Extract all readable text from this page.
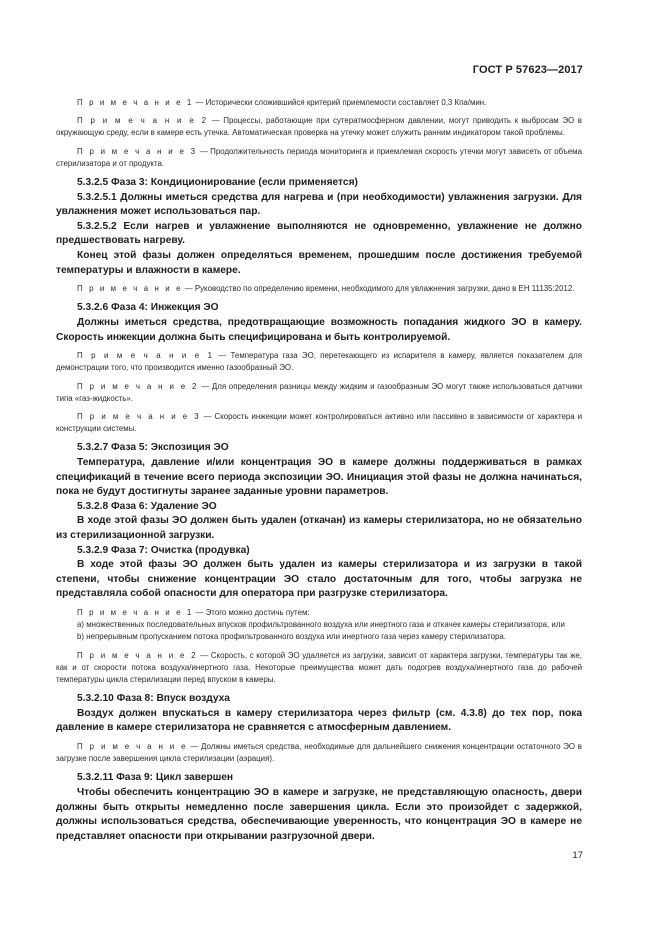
ГОСТ Р 57623—2017

П р и м е ч а н и е 1 — Исторически сложившийся критерий приемлемости составляет 0,3 Кпа/мин.

П р и м е ч а н и е 2 — Процессы, работающие при сутератмосферном давлении, могут приводить к выбросам ЭО в окружающую среду, если в камере есть утечка. Автоматическая проверка на утечку может служить ранним индикатором такой проблемы.

П р и м е ч а н и е 3 — Продолжительность периода мониторинга и приемлемая скорость утечки могут зависеть от объема стерилизатора и от продукта.

5.3.2.5 Фаза 3: Кондиционирование (если применяется)

5.3.2.5.1 Должны иметься средства для нагрева и (при необходимости) увлажнения загрузки. Для увлажнения может использоваться пар.

5.3.2.5.2 Если нагрев и увлажнение выполняются не одновременно, увлажнение не должно предшествовать нагреву.

Конец этой фазы должен определяться временем, прошедшим после достижения требуемой температуры и влажности в камере.

П р и м е ч а н и е — Руководство по определению времени, необходимого для увлажнения загрузки, дано в ЕН 11135:2012.

5.3.2.6 Фаза 4: Инжекция ЭО

Должны иметься средства, предотвращающие возможность попадания жидкого ЭО в камеру. Скорость инжекции должна быть специфицирована и быть контролируемой.

П р и м е ч а н и е 1 — Температура газа ЭО, перетекающего из испарителя в камеру, является показателем для демонстрации того, что производится именно газообразный ЭО.

П р и м е ч а н и е 2 — Для определения разницы между жидким и газообразным ЭО могут также использоваться датчики типа «газ-жидкость».

П р и м е ч а н и е 3 — Скорость инжекции может контролироваться активно или пассивно в зависимости от характера и конструкции системы.

5.3.2.7 Фаза 5: Экспозиция ЭО

Температура, давление и/или концентрация ЭО в камере должны поддерживаться в рамках спецификаций в течение всего периода экспозиции ЭО. Инициация этой фазы не должна начинаться, пока не будут достигнуты заранее заданные уровни параметров.

5.3.2.8 Фаза 6: Удаление ЭО

В ходе этой фазы ЭО должен быть удален (откачан) из камеры стерилизатора, но не обязательно из стерилизационной загрузки.

5.3.2.9 Фаза 7: Очистка (продувка)

В ходе этой фазы ЭО должен быть удален из камеры стерилизатора и из загрузки в такой степени, чтобы снижение концентрации ЭО стало достаточным для того, чтобы загрузка не представляла собой опасности для оператора при разгрузке стерилизатора.

П р и м е ч а н и е 1 — Этого можно достичь путем:

a) множественных последовательных впусков профильтрованного воздуха или инертного газа и откачек камеры стерилизатора, или

b) непрерывным пропусканием потока профильтрованного воздуха или инертного газа через камеру стерилизатора.

П р и м е ч а н и е 2 — Скорость, с которой ЭО удаляется из загрузки, зависит от характера загрузки, температуры так же, как и от скорости потока воздуха/инертного газа. Некоторые преимущества может дать подогрев воздуха/инертного газа до рабочей температуры цикла стерилизации перед впуском в камеры.

5.3.2.10 Фаза 8: Впуск воздуха

Воздух должен впускаться в камеру стерилизатора через фильтр (см. 4.3.8) до тех пор, пока давление в камере стерилизатора не сравняется с атмосферным давлением.

П р и м е ч а н и е — Должны иметься средства, необходимые для дальнейшего снижения концентрации остаточного ЭО в загрузке после завершения цикла стерилизации (аэрация).

5.3.2.11 Фаза 9: Цикл завершен

Чтобы обеспечить концентрацию ЭО в камере и загрузке, не представляющую опасность, двери должны быть открыты немедленно после завершения цикла. Если это произойдет с задержкой, должны использоваться средства, обеспечивающие уверенность, что концентрация ЭО в камере не представляет опасности при открывании разгрузочной двери.

17
